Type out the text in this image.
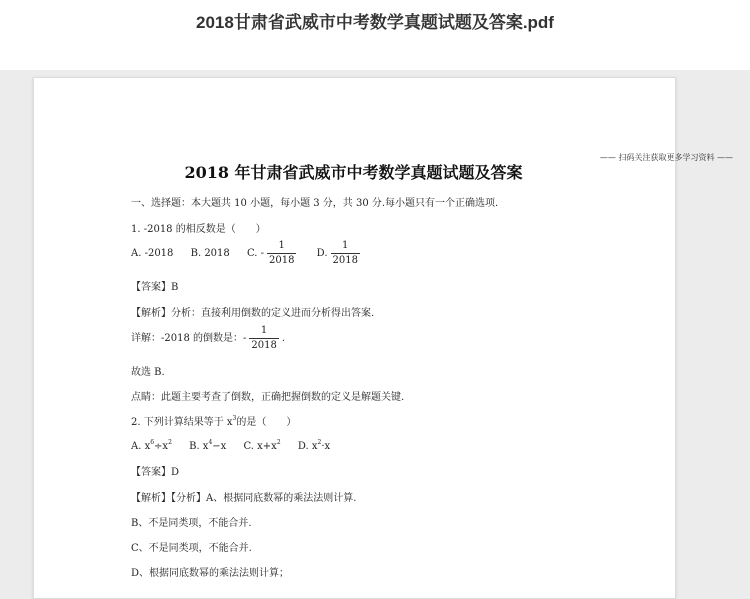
2018甘肃省武威市中考数学真题试题及答案.pdf
—— 扫码关注获取更多学习资料 ——
2018 年甘肃省武威市中考数学真题试题及答案
一、选择题：本大题共 10 小题，每小题 3 分，共 30 分.每小题只有一个正确选项.
1. -2018 的相反数是（　　）
A. -2018 B. 2018 C. - $\frac{1}{2018} D$. $\frac{1}{2018}$
【答案】B
【解析】分析：直接利用倒数的定义进而分析得出答案.
详解：-2018 的倒数是：- $\frac{1}{2018}$ .
故选 B.
点睛：此题主要考查了倒数，正确把握倒数的定义是解题关键.
2. 下列计算结果等于 $x^3$的是（　　）
A. $x^6\div x^2$ B. $x^4-x$ C. $x+x^2$ D. $x^2\cdot x$
【答案】D
【解析】【分析】A、根据同底数幂的乘法法则计算.
B、不是同类项，不能合并.
C、不是同类项，不能合并.
D、根据同底数幂的乘法法则计算；
